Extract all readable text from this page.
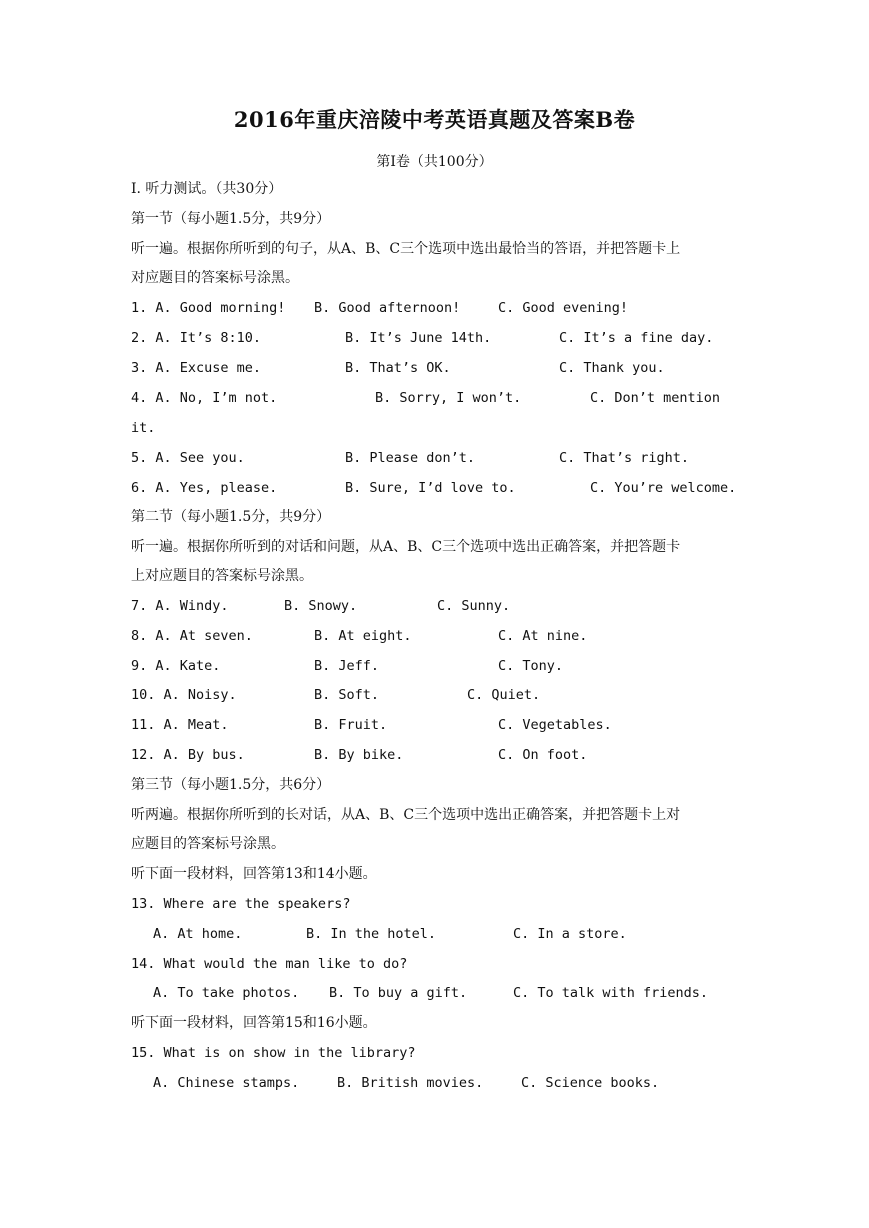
2016年重庆涪陵中考英语真题及答案B卷
第Ⅰ卷（共100分）
I. 听力测试。（共30分）
第一节（每小题1.5分，共9分）
听一遍。根据你所听到的句子，从A、B、C三个选项中选出最恰当的答语，并把答题卡上
对应题目的答案标号涂黑。
1. A. Good morning! B. Good afternoon!	C. Good evening!
2. A. It’s 8:10.	B. It’s June 14th.	C. It’s a fine day.
3. A. Excuse me.	B. That’s OK.	C. Thank you.
4. A. No, I’m not.	B. Sorry, I won’t.	C. Don’t mention
it.
5. A. See you.	B. Please don’t.	C. That’s right.
6. A. Yes, please.	B. Sure, I’d love to.	C. You’re welcome.
第二节（每小题1.5分，共9分）
听一遍。根据你所听到的对话和问题，从A、B、C三个选项中选出正确答案，并把答题卡
上对应题目的答案标号涂黑。
7. A. Windy.	B. Snowy.	C. Sunny.
8. A. At seven.	B. At eight.	C. At nine.
9. A. Kate.	B. Jeff.	C. Tony.
10. A. Noisy.	B. Soft.	C. Quiet.
11. A. Meat.	B. Fruit.	C. Vegetables.
12. A. By bus.	B. By bike.	C. On foot.
第三节（每小题1.5分，共6分）
听两遍。根据你所听到的长对话，从A、B、C三个选项中选出正确答案，并把答题卡上对
应题目的答案标号涂黑。
听下面一段材料，回答第13和14小题。
13. Where are the speakers?
A. At home.	B. In the hotel.	C. In a store.
14. What would the man like to do?
A. To take photos. B. To buy a gift.	C. To talk with friends.
听下面一段材料，回答第15和16小题。
15. What is on show in the library?
A. Chinese stamps.	B. British movies.	C. Science books.
